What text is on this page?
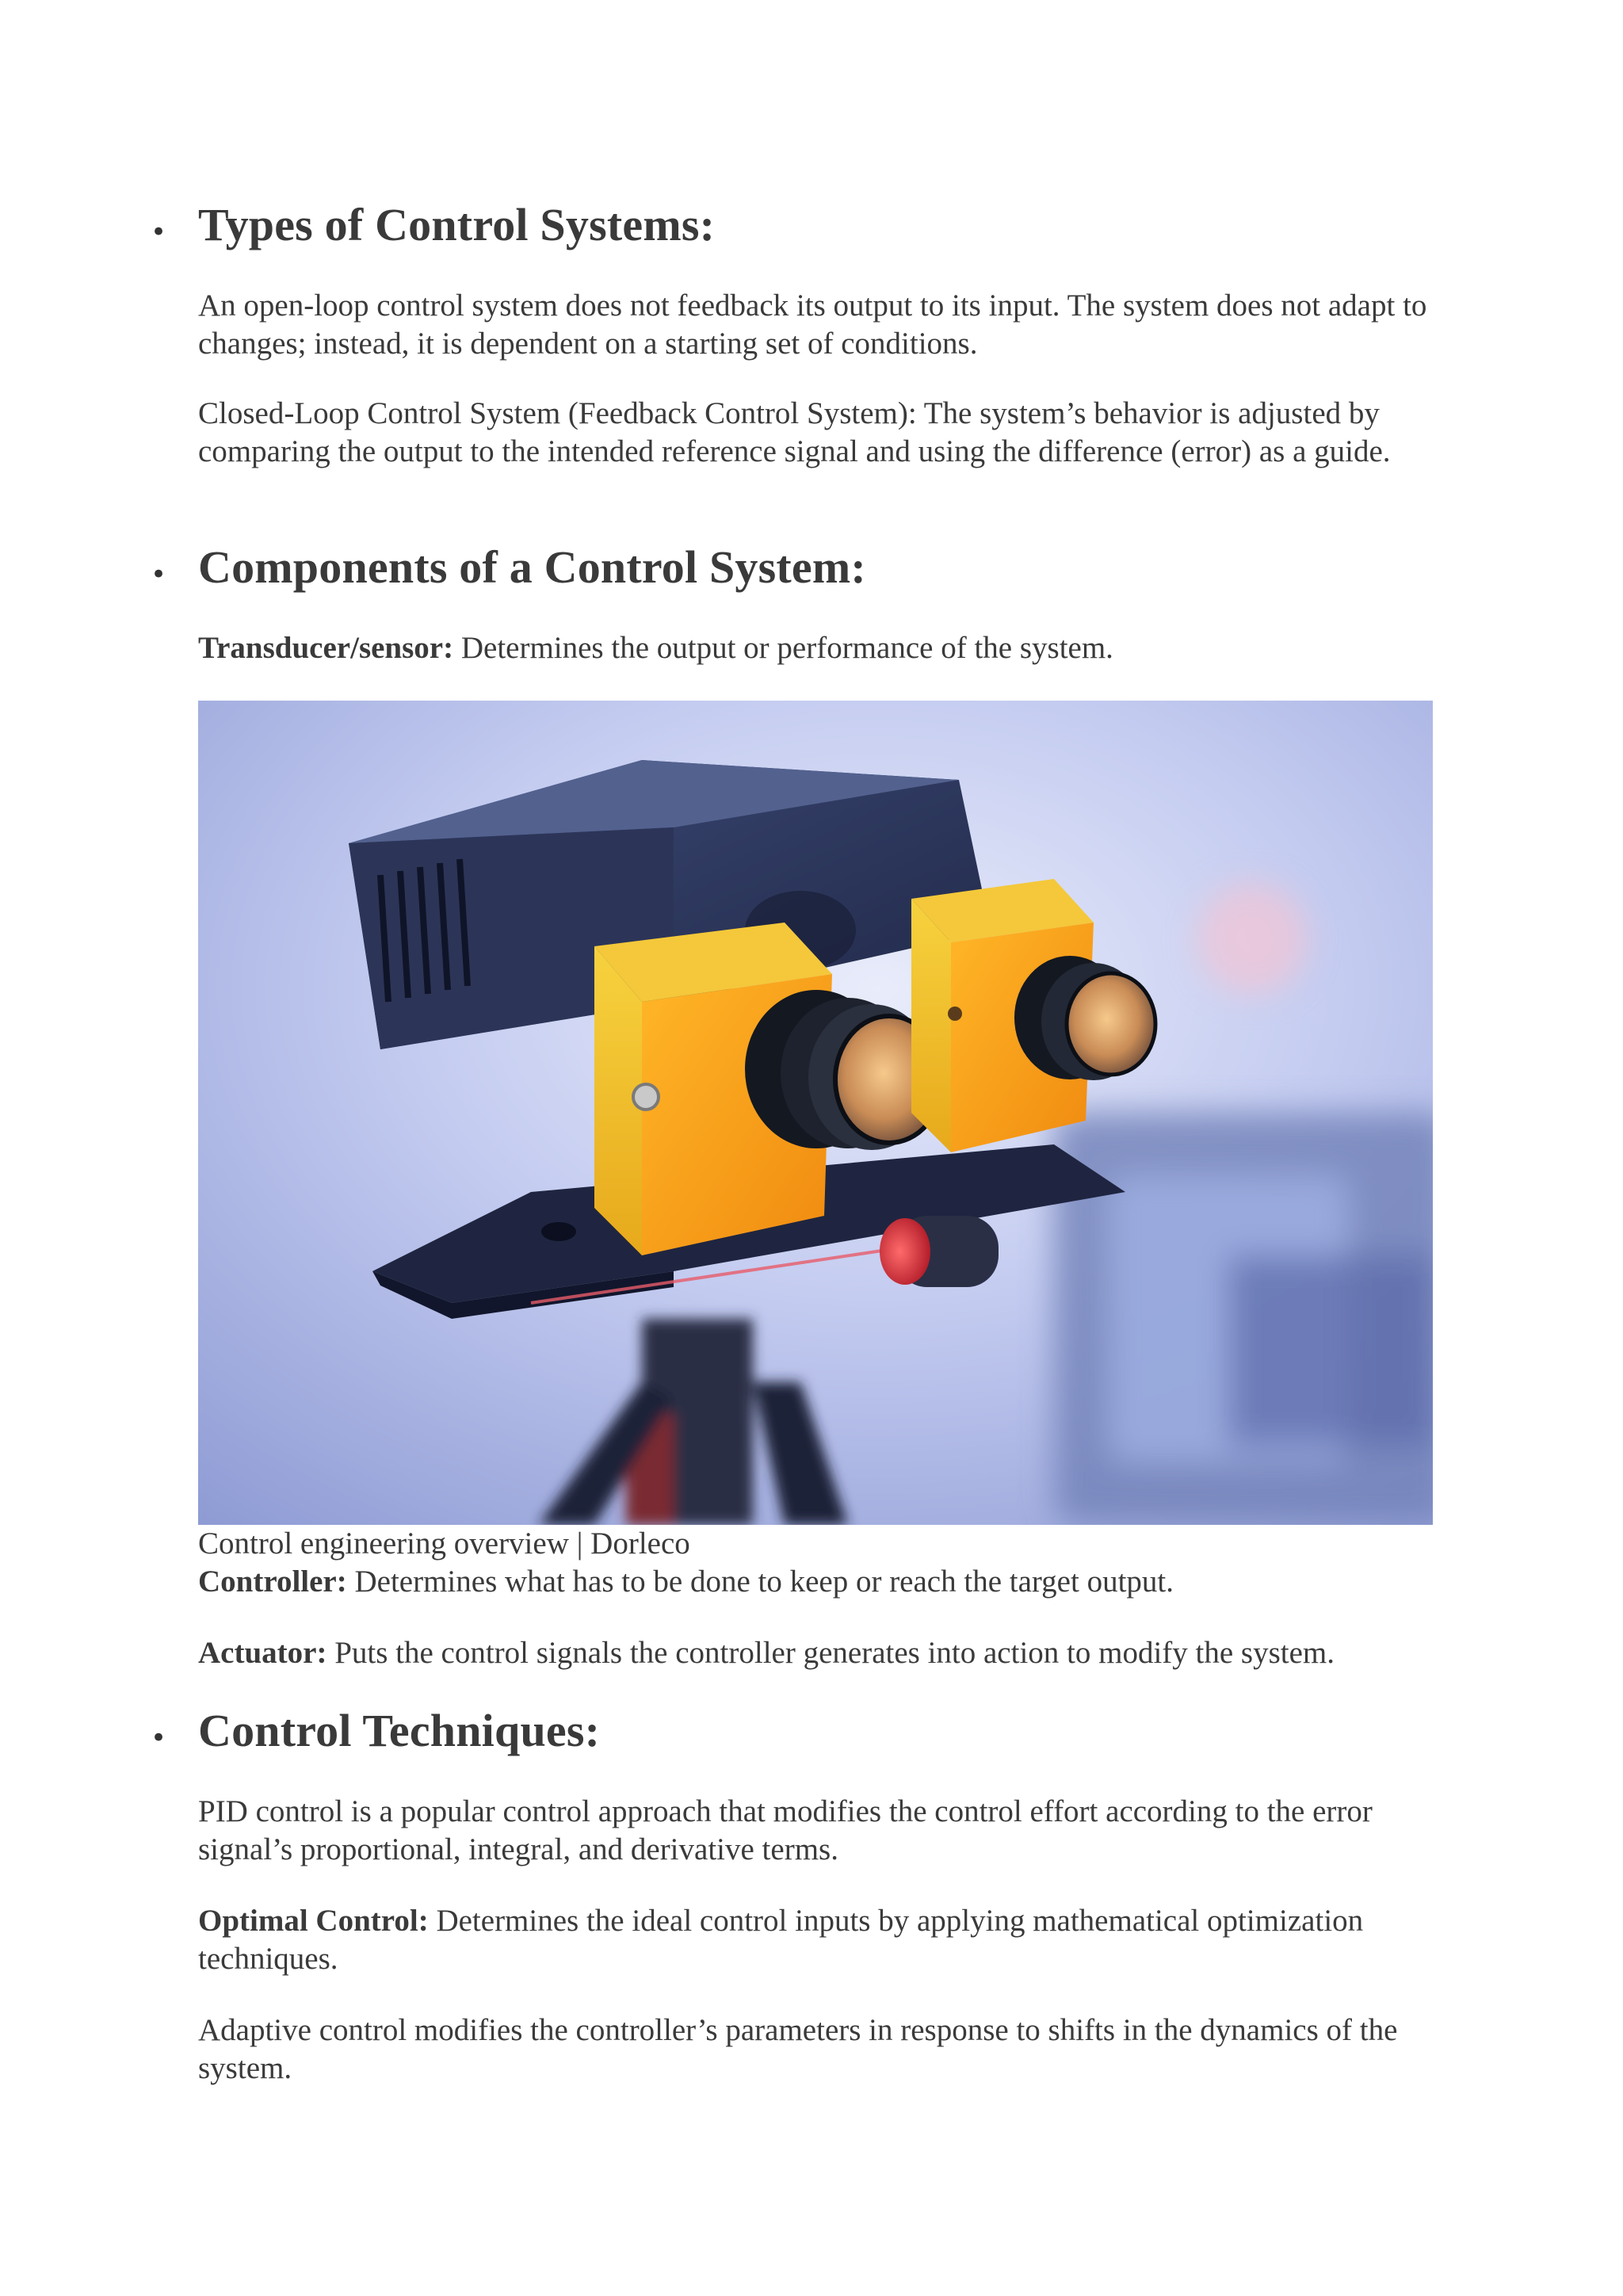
• Types of Control Systems:

An open-loop control system does not feedback its output to its input. The system does not adapt to changes; instead, it is dependent on a starting set of conditions.

Closed-Loop Control System (Feedback Control System): The system’s behavior is adjusted by comparing the output to the intended reference signal and using the difference (error) as a guide.

• Components of a Control System:

Transducer/sensor: Determines the output or performance of the system.

Control engineering overview | Dorleco

Controller: Determines what has to be done to keep or reach the target output.

Actuator: Puts the control signals the controller generates into action to modify the system.

• Control Techniques:

PID control is a popular control approach that modifies the control effort according to the error signal’s proportional, integral, and derivative terms.

Optimal Control: Determines the ideal control inputs by applying mathematical optimization techniques.

Adaptive control modifies the controller’s parameters in response to shifts in the dynamics of the system.
